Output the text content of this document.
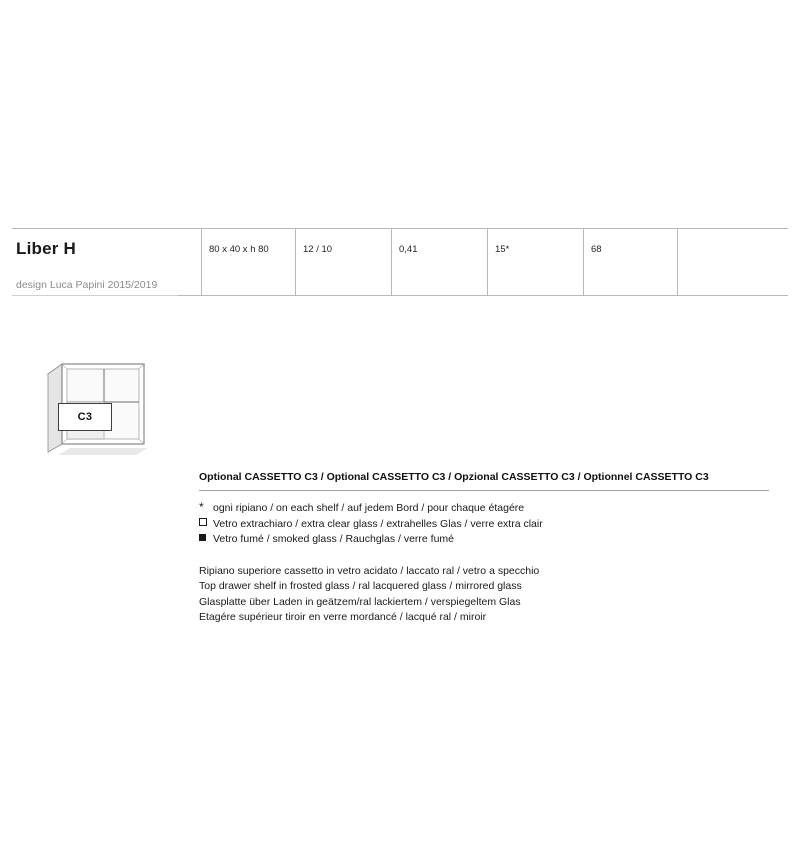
Liber H
design Luca Papini 2015/2019
80 x 40 x h 80	12 / 10	0,41	15*	68
C3
Optional CASSETTO C3 / Optional CASSETTO C3 / Opzional CASSETTO C3 / Optionnel CASSETTO C3
* ogni ripiano / on each shelf / auf jedem Bord / pour chaque étagére
Vetro extrachiaro / extra clear glass / extrahelles Glas / verre extra clair
Vetro fumé / smoked glass / Rauchglas / verre fumé
Ripiano superiore cassetto in vetro acidato / laccato ral / vetro a specchio
Top drawer shelf in frosted glass / ral lacquered glass / mirrored glass
Glasplatte über Laden in geätzem/ral lackiertem / verspiegeltem Glas
Etagére supérieur tiroir en verre mordancé / lacqué ral / miroir
